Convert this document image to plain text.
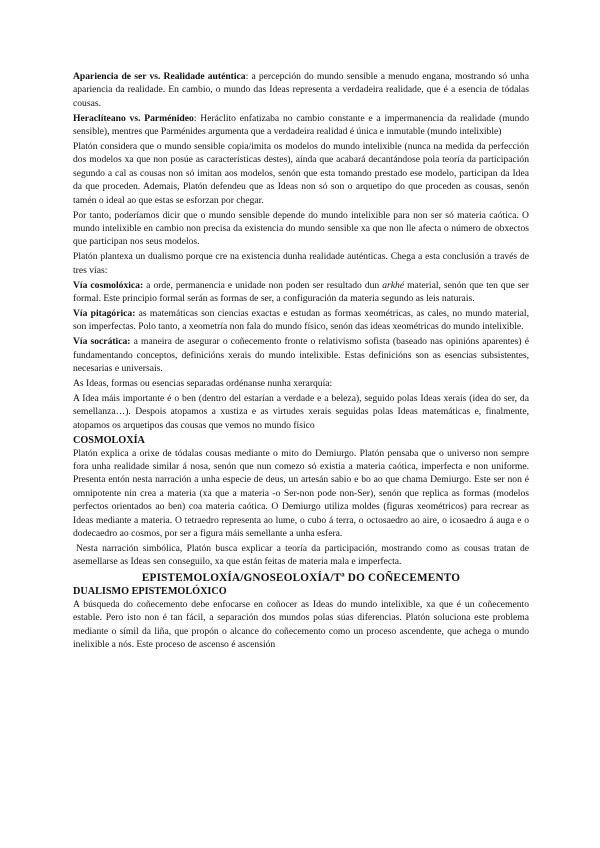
Apariencia de ser vs. Realidade auténtica: a percepción do mundo sensible a menudo engana, mostrando só unha apariencia da realidade. En cambio, o mundo das Ideas representa a verdadeira realidade, que é a esencia de tódalas cousas.

Heraclíteano vs. Parménideo: Heráclito enfatizaba no cambio constante e a impermanencia da realidade (mundo sensible), mentres que Parménides argumenta que a verdadeira realidad é única e inmutable (mundo intelixible)

Platón considera que o mundo sensible copia/imita os modelos do mundo intelixible (nunca na medida da perfección dos modelos xa que non posúe as características destes), aínda que acabará decantándose pola teoría da participación segundo a cal as cousas non só imitan aos modelos, senón que esta tomando prestado ese modelo, participan da Idea da que proceden. Ademais, Platón defendeu que as Ideas non só son o arquetipo do que proceden as cousas, senón tamén o ideal ao que estas se esforzan por chegar.

Por tanto, poderíamos dicir que o mundo sensible depende do mundo intelixible para non ser só materia caótica. O mundo intelixible en cambio non precisa da existencia do mundo sensible xa que non lle afecta o número de obxectos que participan nos seus modelos.

Platón plantexa un dualismo porque cre na existencia dunha realidade auténticas. Chega a esta conclusión a través de tres vías:

Vía cosmolóxica: a orde, permanencia e unidade non poden ser resultado dun arkhé material, senón que ten que ser formal. Este principio formal serán as formas de ser, a configuración da materia segundo as leis naturais.

Vía pitagórica: as matemáticas son ciencias exactas e estudan as formas xeométricas, as cales, no mundo material, son imperfectas. Polo tanto, a xeometría non fala do mundo físico, senón das ideas xeométricas do mundo intelixible.

Vía socrática: a maneira de asegurar o coñecemento fronte o relativismo sofista (baseado nas opinións aparentes) é fundamentando conceptos, definicións xerais do mundo intelixible. Estas definicións son as esencias subsistentes, necesarias e universais.

As Ideas, formas ou esencias separadas ordénanse nunha xerarquía:

A Idea máis importante é o ben (dentro del estarían a verdade e a beleza), seguido polas Ideas xerais (idea do ser, da semellanza…). Despois atopamos a xustiza e as virtudes xerais seguidas polas Ideas matemáticas e, finalmente, atopamos os arquetipos das cousas que vemos no mundo físico

COSMOLOXÍA

Platón explica a orixe de tódalas cousas mediante o mito do Demiurgo. Platón pensaba que o universo non sempre fora unha realidade similar á nosa, senón que nun comezo só existía a materia caótica, imperfecta e non uniforme. Presenta entón nesta narración a unha especie de deus, un artesán sabio e bo ao que chama Demiurgo. Este ser non é omnipotente nin crea a materia (xa que a materia -o Ser-non pode non-Ser), senón que replica as formas (modelos perfectos orientados ao ben) coa materia caótica. O Demiurgo utiliza moldes (figuras xeométricos) para recrear as Ideas mediante a materia. O tetraedro representa ao lume, o cubo á terra, o octosaedro ao aire, o icosaedro á auga e o dodecaedro ao cosmos, por ser a figura máis semellante a unha esfera.

Nesta narración simbólica, Platón busca explicar a teoría da participación, mostrando como as cousas tratan de asemellarse as Ideas sen conseguilo, xa que están feitas de materia mala e imperfecta.

EPISTEMOLOXÍA/GNOSEOLOXÍA/Tª DO COÑECEMENTO
DUALISMO EPISTEMOLÓXICO

A búsqueda do coñecemento debe enfocarse en coñocer as Ideas do mundo intelixible, xa que é un coñecemento estable. Pero isto non é tan fácil, a separación dos mundos polas súas diferencias. Platón soluciona este problema mediante o símil da liña, que propón o alcance do coñecemento como un proceso ascendente, que achega o mundo inelixible a nós. Este proceso de ascenso é ascensión
